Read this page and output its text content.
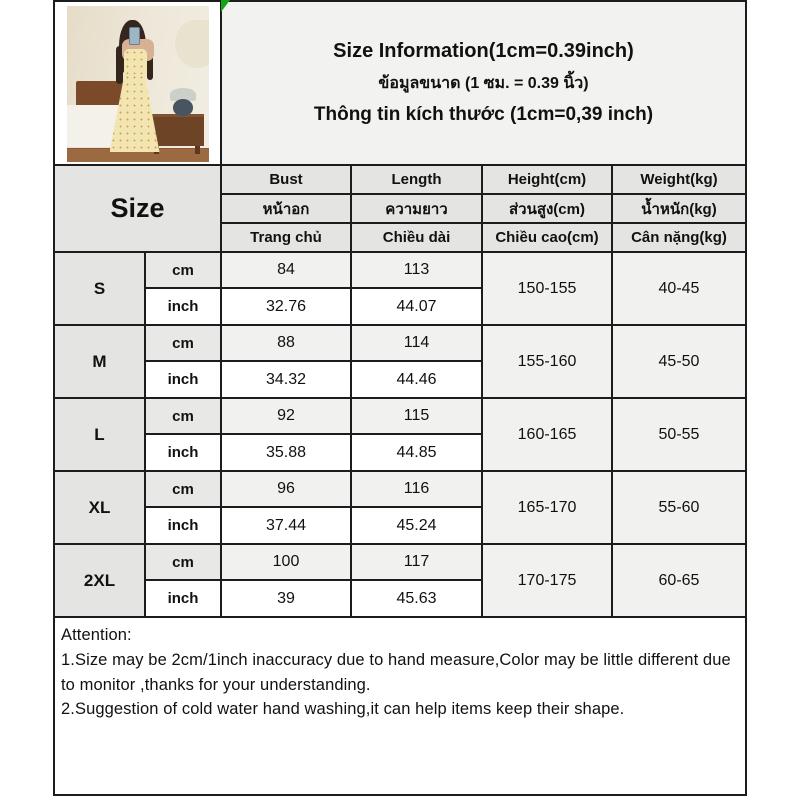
		Size Information(1cm=0.39inch)
ข้อมูลขนาด (1 ซม. = 0.39 นิ้ว)
Thông tin kích thước (1cm=0,39 inch)			

Size		Bust	Length	Height(cm)	Weight(kg)
		หน้าอก	ความยาว	ส่วนสูง(cm)	น้ำหนัก(kg)
		Trang chủ	Chiều dài	Chiều cao(cm)	Cân nặng(kg)
S	cm	84	113	150-155	40-45
	inch	32.76	44.07		
M	cm	88	114	155-160	45-50
	inch	34.32	44.46		
L	cm	92	115	160-165	50-55
	inch	35.88	44.85		
XL	cm	96	116	165-170	55-60
	inch	37.44	45.24		
2XL	cm	100	117	170-175	60-65
	inch	39	45.63		

Attention:
1.Size may be 2cm/1inch inaccuracy due to hand measure,Color may be little different due to monitor ,thanks for your understanding.
2.Suggestion of cold water hand washing,it can help items keep their shape.					
